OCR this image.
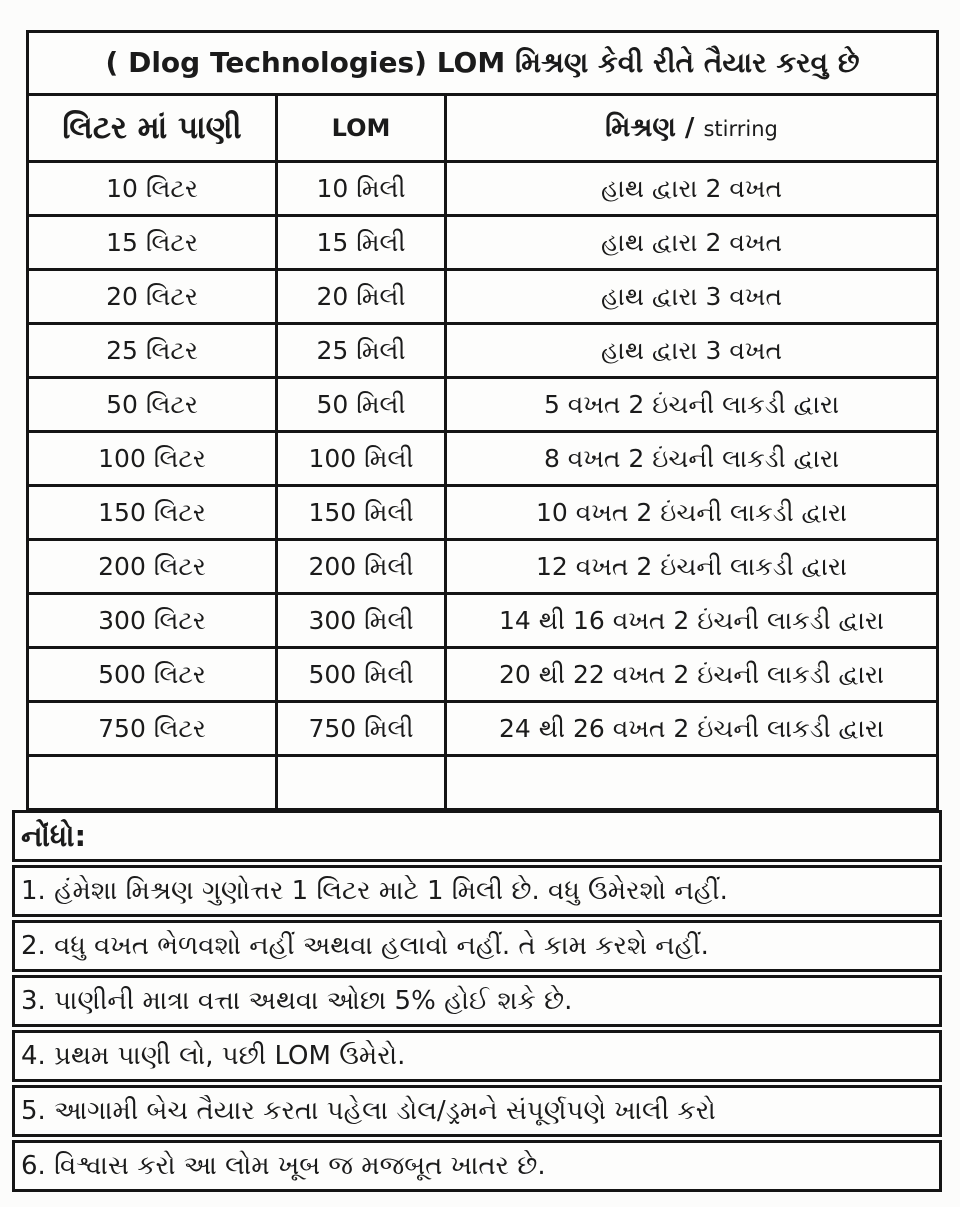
( Dlog Technologies) LOM મિશ્રણ કેવી રીતે તૈયાર કરવુ છે		
લિટર માં પાણી	LOM	મિશ્રણ / stirring
10 લિટર	10 મિલી	હાથ દ્વારા 2 વખત
15 લિટર	15 મિલી	હાથ દ્વારા 2 વખત
20 લિટર	20 મિલી	હાથ દ્વારા 3 વખત
25 લિટર	25 મિલી	હાથ દ્વારા 3 વખત
50 લિટર	50 મિલી	5 વખત 2 ઇંચની લાકડી દ્વારા
100 લિટર	100 મિલી	8 વખત 2 ઇંચની લાકડી દ્વારા
150 લિટર	150 મિલી	10 વખત 2 ઇંચની લાકડી દ્વારા
200 લિટર	200 મિલી	12 વખત 2 ઇંચની લાકડી દ્વારા
300 લિટર	300 મિલી	14 થી 16 વખત 2 ઇંચની લાકડી દ્વારા
500 લિટર	500 મિલી	20 થી 22 વખત 2 ઇંચની લાકડી દ્વારા
750 લિટર	750 મિલી	24 થી 26 વખત 2 ઇંચની લાકડી દ્વારા

નોંધો:
1. હંમેશા મિશ્રણ ગુણોત્તર 1 લિટર માટે 1 મિલી છે. વધુ ઉમેરશો નહીં.
2. વધુ વખત ભેળવશો નહીં અથવા હલાવો નહીં. તે કામ કરશે નહીં.
3. પાણીની માત્રા વત્તા અથવા ઓછા 5% હોઈ શકે છે.
4. પ્રથમ પાણી લો, પછી LOM ઉમેરો.
5. આગામી બેચ તૈયાર કરતા પહેલા ડોલ/ડ્રમને સંપૂર્ણપણે ખાલી કરો
6. વિશ્વાસ કરો આ લોમ ખૂબ જ મજબૂત ખાતર છે.
